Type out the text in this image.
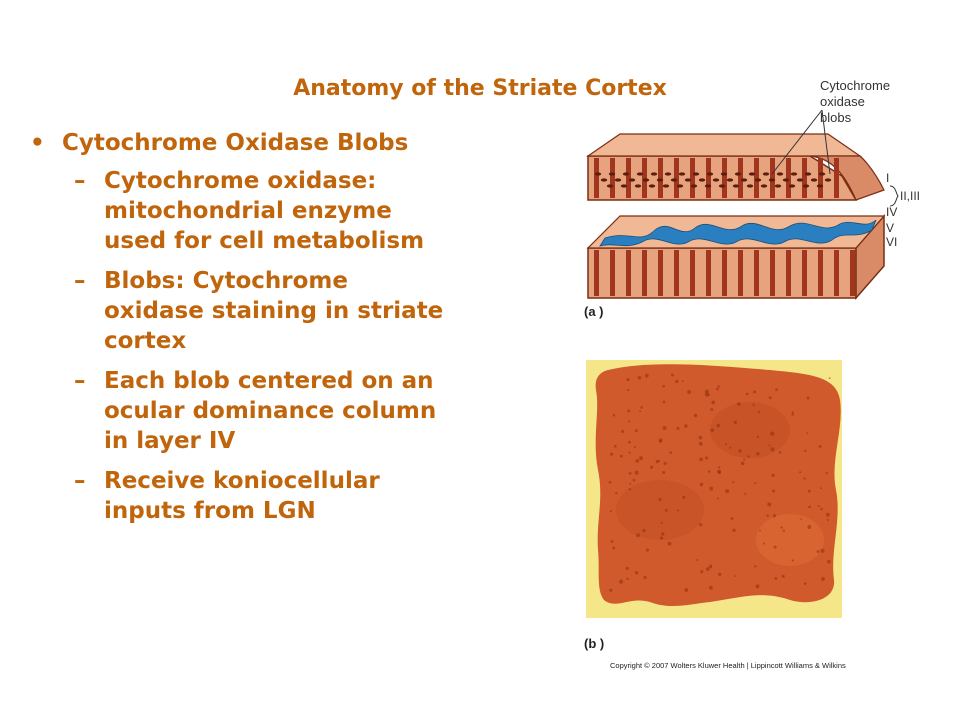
Anatomy of the Striate Cortex
• Cytochrome Oxidase Blobs
– Cytochrome oxidase: mitochondrial enzyme used for cell metabolism
– Blobs: Cytochrome oxidase staining in striate cortex
– Each blob centered on an ocular dominance column in layer IV
– Receive koniocellular inputs from LGN
Cytochrome
oxidase
blobs
I
II,III
IV
V
VI
(a )
(b )
Copyright © 2007 Wolters Kluwer Health | Lippincott Williams & Wilkins
